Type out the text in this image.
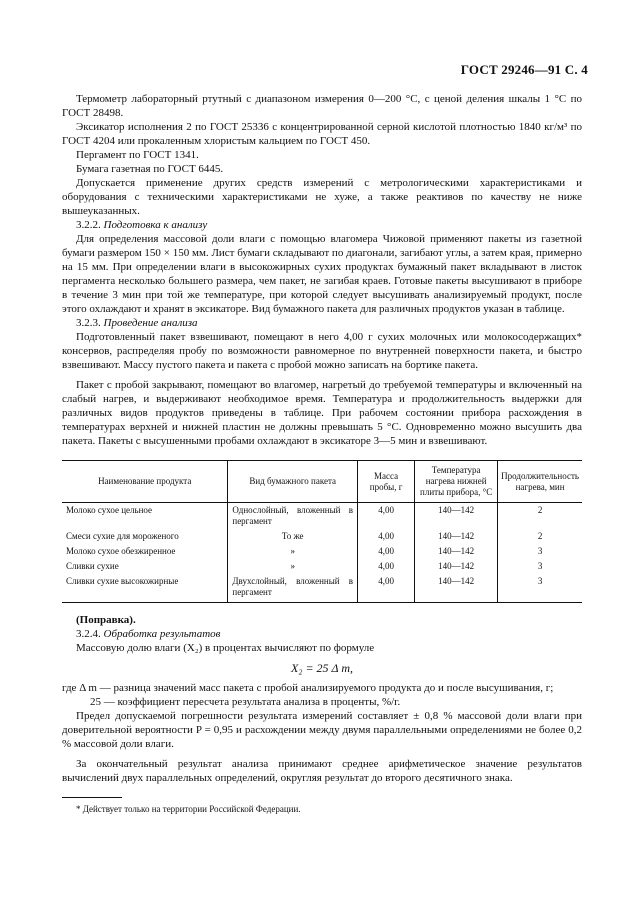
ГОСТ 29246—91 С. 4

Термометр лабораторный ртутный с диапазоном измерения 0—200 °С, с ценой деления шкалы 1 °С по ГОСТ 28498.

Эксикатор исполнения 2 по ГОСТ 25336 с концентрированной серной кислотой плотностью 1840 кг/м³ по ГОСТ 4204 или прокаленным хлористым кальцием по ГОСТ 450.

Пергамент по ГОСТ 1341.

Бумага газетная по ГОСТ 6445.

Допускается применение других средств измерений с метрологическими характеристиками и оборудования с техническими характеристиками не хуже, а также реактивов по качеству не ниже вышеуказанных.

3.2.2. Подготовка к анализу

Для определения массовой доли влаги с помощью влагомера Чижовой применяют пакеты из газетной бумаги размером 150 × 150 мм. Лист бумаги складывают по диагонали, загибают углы, а затем края, примерно на 15 мм. При определении влаги в высокожирных сухих продуктах бумажный пакет вкладывают в листок пергамента несколько большего размера, чем пакет, не загибая краев. Готовые пакеты высушивают в приборе в течение 3 мин при той же температуре, при которой следует высушивать анализируемый продукт, после этого охлаждают и хранят в эксикаторе. Вид бумажного пакета для различных продуктов указан в таблице.

3.2.3. Проведение анализа

Подготовленный пакет взвешивают, помещают в него 4,00 г сухих молочных или молокосодержащих* консервов, распределяя пробу по возможности равномерное по внутренней поверхности пакета, и быстро взвешивают. Массу пустого пакета и пакета с пробой можно записать на бортике пакета.

Пакет с пробой закрывают, помещают во влагомер, нагретый до требуемой температуры и включенный на слабый нагрев, и выдерживают необходимое время. Температура и продолжительность выдержки для различных видов продуктов приведены в таблице. При рабочем состоянии прибора расхождения в температурах верхней и нижней пластин не должны превышать 5 °С. Одновременно можно высушить два пакета. Пакеты с высушенными пробами охлаждают в эксикаторе 3—5 мин и взвешивают.

Наименование продукта	Вид бумажного пакета	Масса пробы, г	Температура нагрева нижней плиты прибора, °С	Продолжительность нагрева, мин
Молоко сухое цельное	Однослойный, вложенный в пергамент	4,00	140—142	2
Смеси сухие для мороженого	То же	4,00	140—142	2
Молоко сухое обезжиренное	»	4,00	140—142	3
Сливки сухие	»	4,00	140—142	3
Сливки сухие высокожирные	Двухслойный, вложенный в пергамент	4,00	140—142	3

(Поправка).

3.2.4. Обработка результатов

Массовую долю влаги (X₂) в процентах вычисляют по формуле

X₂ = 25 Δ m,

где Δ m — разница значений масс пакета с пробой анализируемого продукта до и после высушивания, г;

25 — коэффициент пересчета результата анализа в проценты, %/г.

Предел допускаемой погрешности результата измерений составляет ± 0,8 % массовой доли влаги при доверительной вероятности P = 0,95 и расхождении между двумя параллельными определениями не более 0,2 % массовой доли влаги.

За окончательный результат анализа принимают среднее арифметическое значение результатов вычислений двух параллельных определений, округляя результат до второго десятичного знака.

* Действует только на территории Российской Федерации.
